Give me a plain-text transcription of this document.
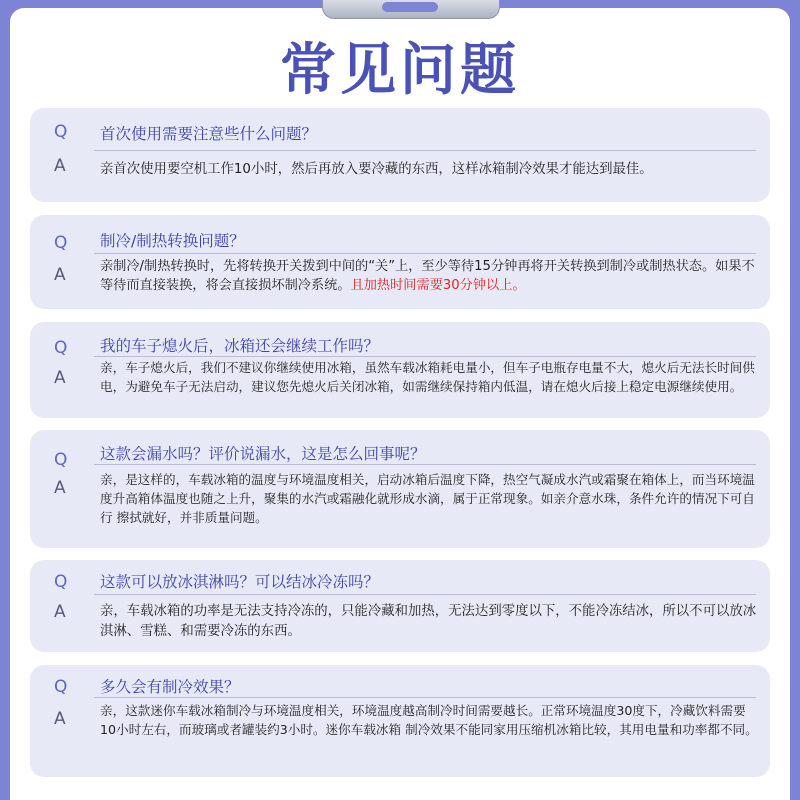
常见问题
Q 首次使用需要注意些什么问题？
A	亲首次使用要空机工作10小时，然后再放入要冷藏的东西，这样冰箱制冷效果才能达到最佳。
Q 制冷/制热转换问题？
A	亲制冷/制热转换时，先将转换开关拨到中间的“关”上，至少等待15分钟再将开关转换到制冷或制热状态。如果不等待而直接装换，将会直接损坏制冷系统。且加热时间需要30分钟以上。
Q 我的车子熄火后，冰箱还会继续工作吗？
A
亲，车子熄火后，我们不建议你继续使用冰箱，虽然车载冰箱耗电量小，但车子电瓶存电量不大，熄火后无法长时间供电，为避免车子无法启动，建议您先熄火后关闭冰箱，如需继续保持箱内低温，请在熄火后接上稳定电源继续使用。
Q 这款会漏水吗？评价说漏水，这是怎么回事呢？
A	亲，是这样的，车载冰箱的温度与环境温度相关，启动冰箱后温度下降，热空气凝成水汽或霜聚在箱体上，而当环境温度升高箱体温度也随之上升，聚集的水汽或霜融化就形成水滴，属于正常现象。如亲介意水珠，条件允许的情况下可自行 擦拭就好，并非质量问题。
Q 这款可以放冰淇淋吗？可以结冰冷冻吗？
A	亲，车载冰箱的功率是无法支持冷冻的，只能冷藏和加热，无法达到零度以下，不能冷冻结冰，所以不可以放冰淇淋、雪糕、和需要冷冻的东西。
Q 多久会有制冷效果？
A	亲，这款迷你车载冰箱制冷与环境温度相关，环境温度越高制冷时间需要越长。正常环境温度30度下，冷藏饮料需要10小时左右，而玻璃或者罐装约3小时。迷你车载冰箱 制冷效果不能同家用压缩机冰箱比较，其用电量和功率都不同。
